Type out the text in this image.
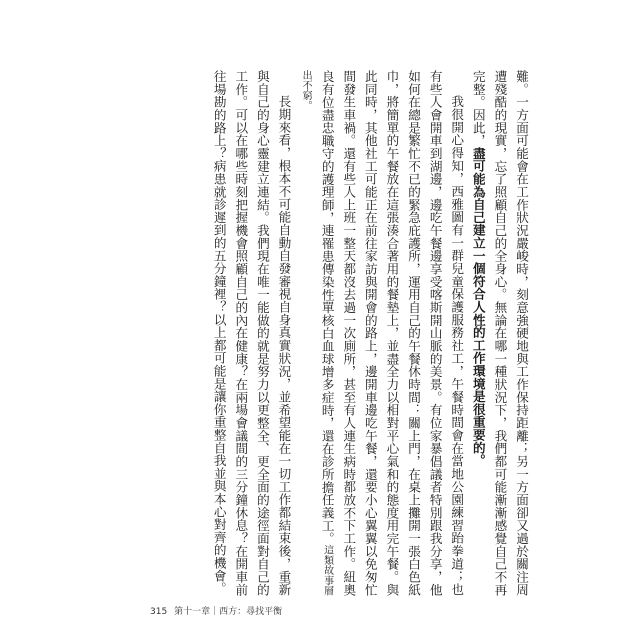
難。一方面可能會在工作狀況嚴峻時，刻意強硬地與工作保持距離；另一方面卻又過於關注周遭殘酷的現實，忘了照顧自己的全身心。無論在哪一種狀況下，我們都可能漸漸感覺自己不再完整。因此，盡可能為自己建立一個符合人性的工作環境是很重要的。

我很開心得知，西雅圖有一群兒童保護服務社工，午餐時間會在當地公園練習跆拳道；也有些人會開車到湖邊，邊吃午餐邊享受喀斯開山脈的美景。有位家暴倡議者特別跟我分享，他如何在總是繁忙不已的緊急庇護所，運用自己的午餐休時間：關上門，在桌上攤開一張白色紙巾，將簡單的午餐放在這張湊合著用的餐墊上，並盡全力以相對平心氣和的態度用完午餐。與此同時，其他社工可能正在前往家訪與開會的路上，邊開車邊吃午餐，還要小心翼翼以免匆忙間發生車禍。還有些人上班一整天都沒去過一次廁所，甚至有人連生病時都放不下工作。紐奧良有位盡忠職守的護理師，連罹患傳染性單核白血球增多症時，還在診所擔任義工。這類故事層出不窮。

長期來看，根本不可能自動自發審視自身真實狀況，並希望能在一切工作都結束後，重新與自己的身心靈建立連結。我們現在唯一能做的就是努力以更整全、更全面的途徑面對自己的工作。可以在哪些時刻把握機會照顧自己的內在健康？在兩場會議間的三分鐘休息？在開車前往場勘的路上？病患就診遲到的五分鐘裡？以上都可能是讓你重整自我並與本心對齊的機會。

315 第十一章｜西方：尋找平衡
